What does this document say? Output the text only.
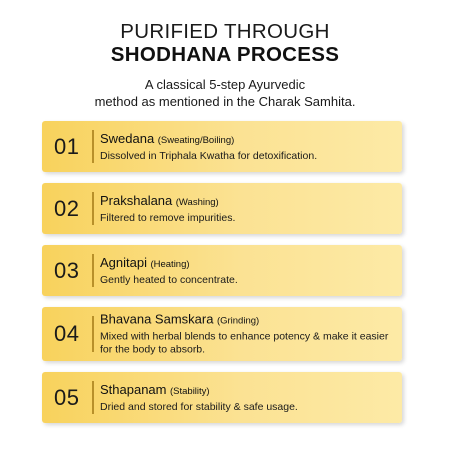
PURIFIED THROUGH
SHODHANA PROCESS
A classical 5-step Ayurvedic
method as mentioned in the Charak Samhita.
01	Swedana (Sweating/Boiling)
Dissolved in Triphala Kwatha for detoxification.
02	Prakshalana (Washing)
Filtered to remove impurities.
03	Agnitapi (Heating)
Gently heated to concentrate.
04
Bhavana Samskara (Grinding)
Mixed with herbal blends to enhance potency & make it easier for the body to absorb.
05	Sthapanam (Stability)
Dried and stored for stability & safe usage.
